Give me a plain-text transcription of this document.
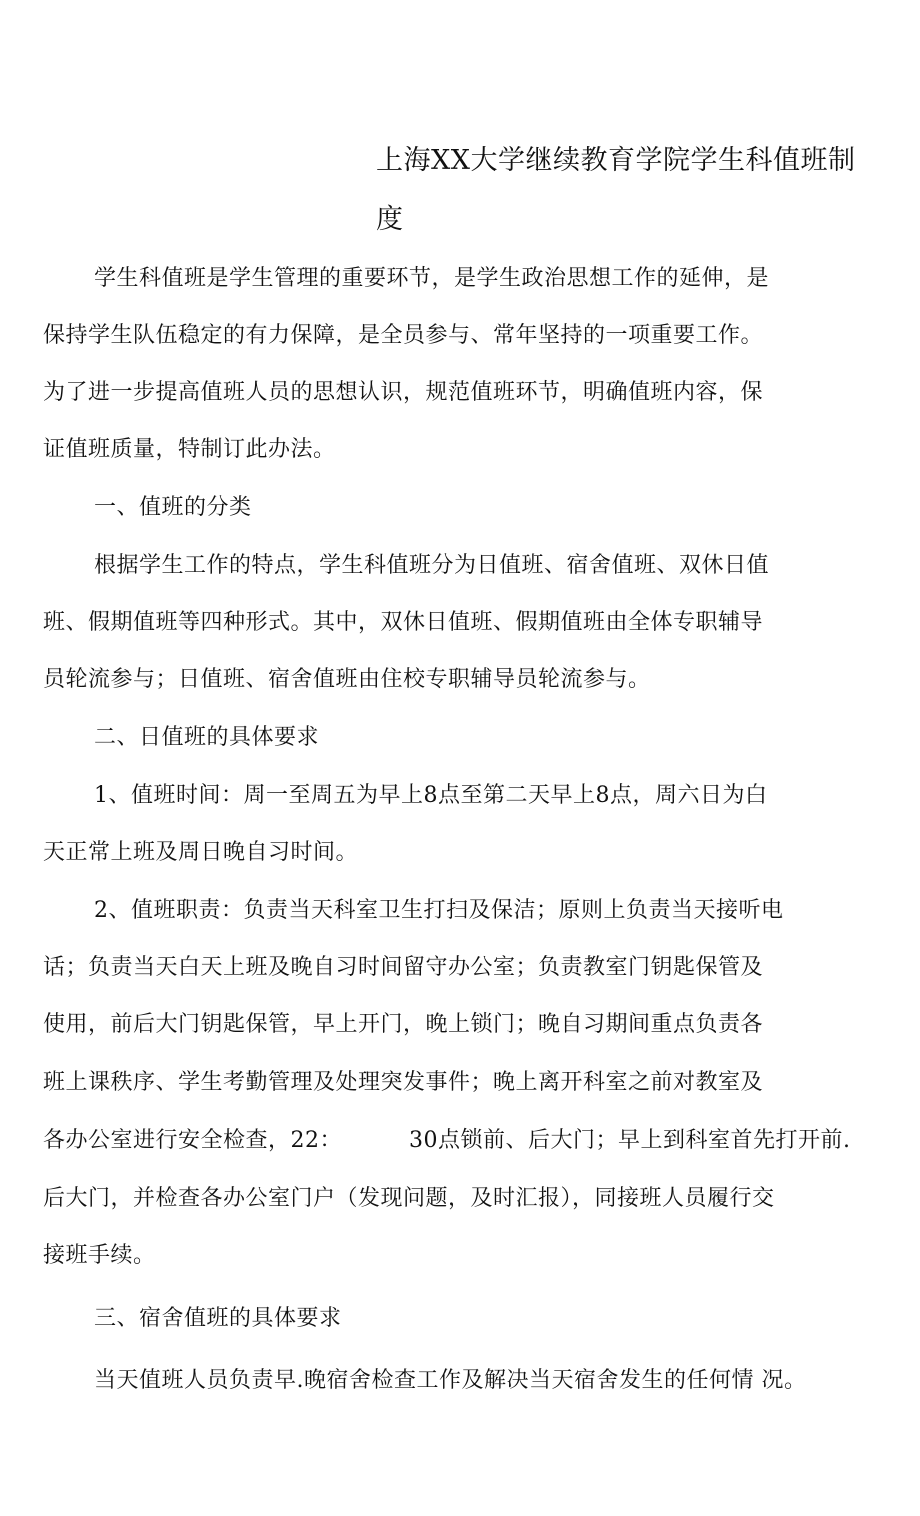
上海XX大学继续教育学院学生科值班制

度

学生科值班是学生管理的重要环节，是学生政治思想工作的延伸，是

保持学生队伍稳定的有力保障，是全员参与、常年坚持的一项重要工作。

为了进一步提高值班人员的思想认识，规范值班环节，明确值班内容，保

证值班质量，特制订此办法。

一、值班的分类

根据学生工作的特点，学生科值班分为日值班、宿舍值班、双休日值

班、假期值班等四种形式。其中，双休日值班、假期值班由全体专职辅导

员轮流参与；日值班、宿舍值班由住校专职辅导员轮流参与。

二、日值班的具体要求

1、值班时间：周一至周五为早上8点至第二天早上8点，周六日为白

天正常上班及周日晚自习时间。

2、值班职责：负责当天科室卫生打扫及保洁；原则上负责当天接听电

话；负责当天白天上班及晚自习时间留守办公室；负责教室门钥匙保管及

使用，前后大门钥匙保管，早上开门，晚上锁门；晚自习期间重点负责各

班上课秩序、学生考勤管理及处理突发事件；晚上离开科室之前对教室及

各办公室进行安全检查，22：	30点锁前、后大门；早上到科室首先打开前.

后大门，并检查各办公室门户（发现问题，及时汇报），同接班人员履行交

接班手续。

三、宿舍值班的具体要求

当天值班人员负责早.晚宿舍检查工作及解决当天宿舍发生的任何情 况。
